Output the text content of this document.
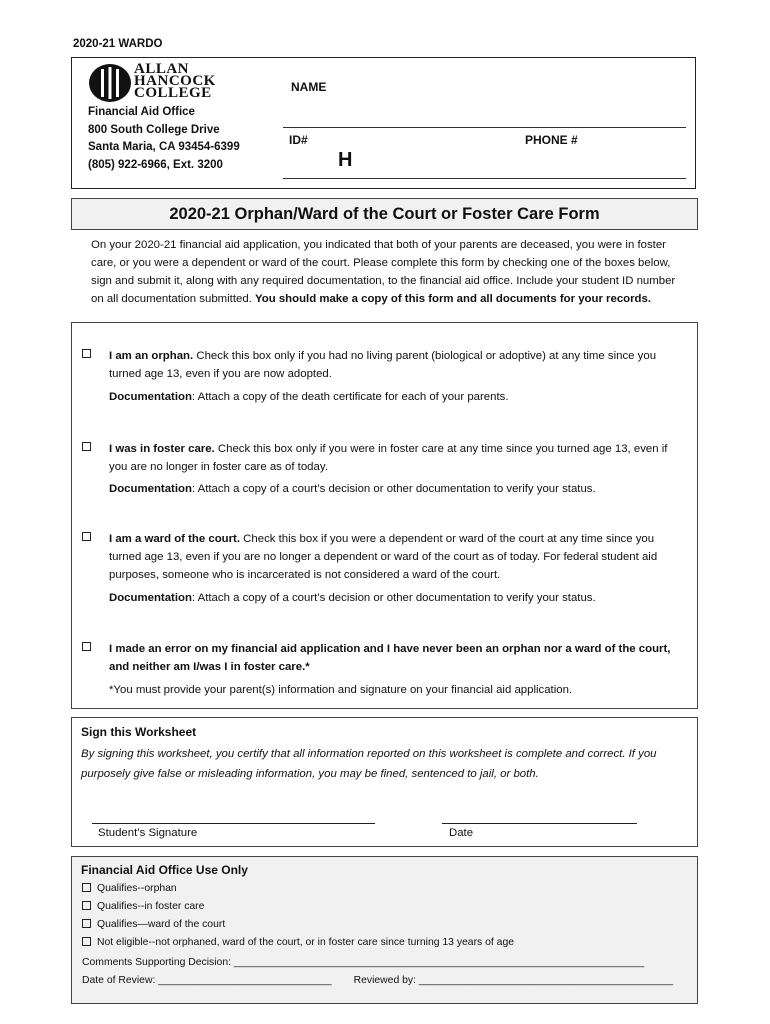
2020-21 WARDO
ALLAN HANCOCK COLLEGE
Financial Aid Office
800 South College Drive
Santa Maria, CA 93454-6399
(805) 922-6966, Ext. 3200
NAME
ID#	PHONE #
H
2020-21 Orphan/Ward of the Court or Foster Care Form
On your 2020-21 financial aid application, you indicated that both of your parents are deceased, you were in foster care, or you were a dependent or ward of the court. Please complete this form by checking one of the boxes below, sign and submit it, along with any required documentation, to the financial aid office. Include your student ID number on all documentation submitted. You should make a copy of this form and all documents for your records.
I am an orphan. Check this box only if you had no living parent (biological or adoptive) at any time since you turned age 13, even if you are now adopted.
Documentation: Attach a copy of the death certificate for each of your parents.
I was in foster care. Check this box only if you were in foster care at any time since you turned age 13, even if you are no longer in foster care as of today.
Documentation: Attach a copy of a court’s decision or other documentation to verify your status.
I am a ward of the court. Check this box if you were a dependent or ward of the court at any time since you turned age 13, even if you are no longer a dependent or ward of the court as of today. For federal student aid purposes, someone who is incarcerated is not considered a ward of the court.
Documentation: Attach a copy of a court’s decision or other documentation to verify your status.
I made an error on my financial aid application and I have never been an orphan nor a ward of the court, and neither am I/was I in foster care.*
*You must provide your parent(s) information and signature on your financial aid application.
Sign this Worksheet
By signing this worksheet, you certify that all information reported on this worksheet is complete and correct. If you purposely give false or misleading information, you may be fined, sentenced to jail, or both.
Student’s Signature	Date
Financial Aid Office Use Only
Qualifies--orphan
Qualifies--in foster care
Qualifies—ward of the court
Not eligible--not orphaned, ward of the court, or in foster care since turning 13 years of age
Comments Supporting Decision: _______________________________________________________________________
Date of Review: ______________________________ Reviewed by: ____________________________________________
